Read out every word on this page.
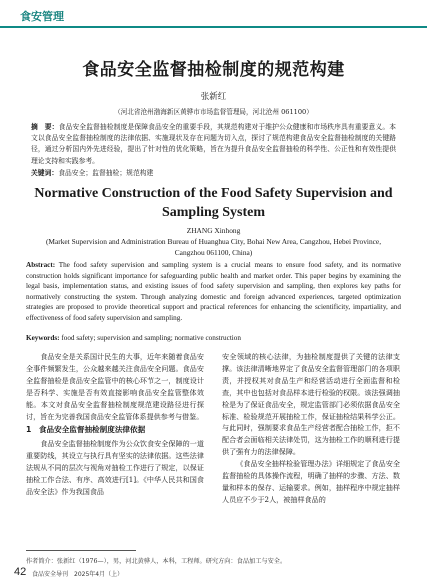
食安管理
食品安全监督抽检制度的规范构建
张新红
（河北省沧州渤海新区黄骅市市场监督管理局，河北沧州 061100）
摘　要：食品安全监督抽检制度是保障食品安全的重要手段，其规范构建对于维护公众健康和市场秩序具有重要意义。本文以食品安全监督抽检制度的法律依据、实施现状及存在问题为切入点，探讨了规范构建食品安全监督抽检制度的关键路径，通过分析国内外先进经验，提出了针对性的优化策略，旨在为提升食品安全监督抽检的科学性、公正性和有效性提供理论支持和实践参考。
关键词：食品安全；监督抽检；规范构建
Normative Construction of the Food Safety Supervision and
Sampling System
ZHANG Xinhong
(Market Supervision and Administration Bureau of Huanghua City, Bohai New Area, Cangzhou, Hebei Province,
Cangzhou 061100, China)
Abstract: The food safety supervision and sampling system is a crucial means to ensure food safety, and its normative construction holds significant importance for safeguarding public health and market order. This paper begins by examining the legal basis, implementation status, and existing issues of food safety supervision and sampling, then explores key paths for normatively constructing the system. Through analyzing domestic and foreign advanced experiences, targeted optimization strategies are proposed to provide theoretical support and practical references for enhancing the scientificity, impartiality, and effectiveness of food safety supervision and sampling.
Keywords: food safety; supervision and sampling; normative construction

食品安全是关系国计民生的大事，近年来随着食品安全事件频繁发生，公众越来越关注食品安全问题。食品安全监督抽检是食品安全监管中的核心环节之一，制度设计是否科学、实施是否有效直接影响食品安全监管整体效能。本文对食品安全监督抽检制度规范建设路径进行探讨，旨在为完善我国食品安全监管体系提供参考与借鉴。

1　食品安全监督抽检制度法律依据

食品安全监督抽检制度作为公众饮食安全保障的一道重要防线，其设立与执行具有坚实的法律依据。这些法律法规从不同的层次与视角对抽检工作进行了规定，以保证抽检工作合法、有序、高效进行[1]。《中华人民共和国食品安全法》作为我国食品

安全领域的核心法律，为抽检制度提供了关键的法律支撑。该法律清晰地界定了食品安全监督管理部门的各项职责，并授权其对食品生产和经营活动进行全面监督和检查，其中也包括对食品样本进行检验的权限。该法强调抽检是为了保证食品安全，规定监管部门必须依据食品安全标准、检验规范开展抽检工作，保证抽检结果科学公正。与此同时，强制要求食品生产经营者配合抽检工作，拒不配合者会面临相关法律处罚，这为抽检工作的顺利进行提供了强有力的法律保障。

《食品安全抽样检验管理办法》详细规定了食品安全监督抽检的具体操作流程，明确了抽样的步骤、方法、数量和样本的保存、运输要求。例如，抽样程序中规定抽样人员应不少于2人，被抽样食品的

作者简介：张新红（1976—），男，河北黄骅人，本科，工程师。研究方向：食品加工与安全。
42 食品安全导刊　2025年4月（上）
